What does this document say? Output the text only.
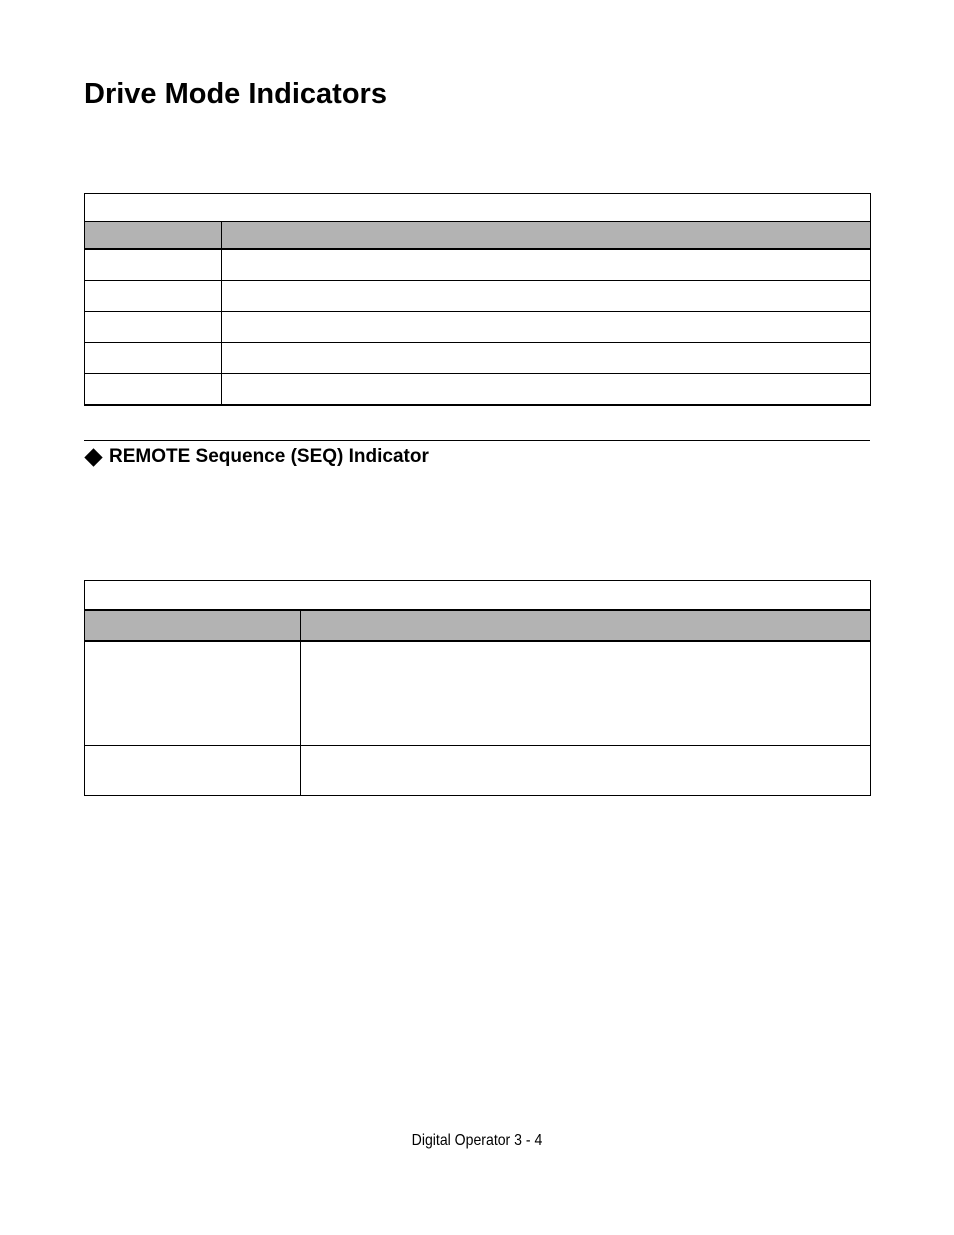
Drive Mode Indicators

REMOTE Sequence (SEQ) Indicator

Digital Operator 3 - 4
